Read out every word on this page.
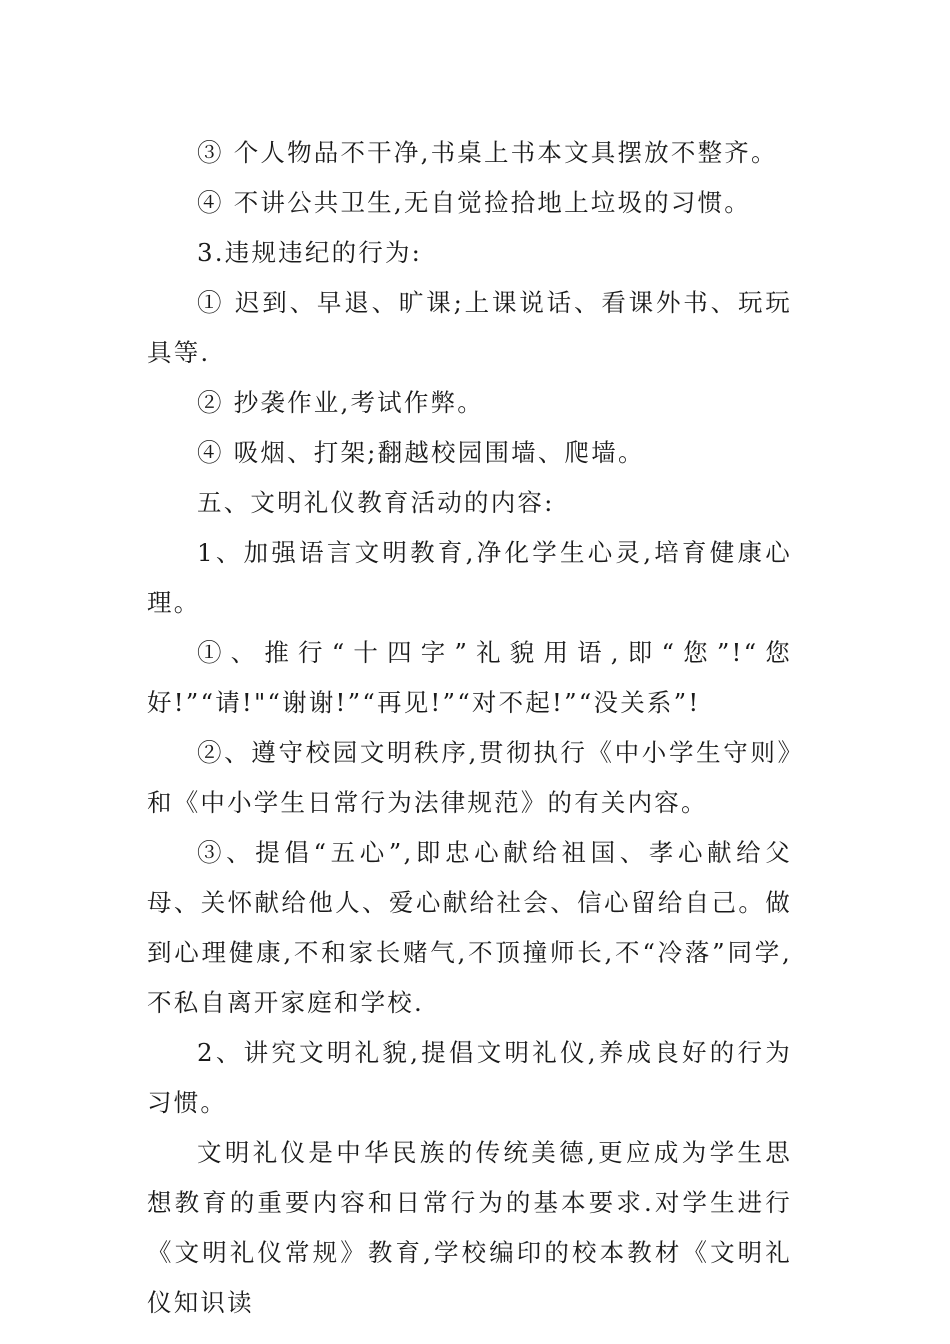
③ 个人物品不干净,书桌上书本文具摆放不整齐。

④ 不讲公共卫生,无自觉捡拾地上垃圾的习惯。

3.违规违纪的行为:

① 迟到、早退、旷课;上课说话、看课外书、玩玩具等.

② 抄袭作业,考试作弊。

④ 吸烟、打架;翻越校园围墙、爬墙。

五、文明礼仪教育活动的内容:

1、加强语言文明教育,净化学生心灵,培育健康心理。

①、推行“十四字”礼貌用语,即“您”!“您好!”“请!"“谢谢!”“再见!”“对不起!”“没关系”!

②、遵守校园文明秩序,贯彻执行《中小学生守则》和《中小学生日常行为法律规范》的有关内容。

③、提倡“五心”,即忠心献给祖国、孝心献给父母、关怀献给他人、爱心献给社会、信心留给自己。做到心理健康,不和家长赌气,不顶撞师长,不“冷落”同学,不私自离开家庭和学校.

2、讲究文明礼貌,提倡文明礼仪,养成良好的行为习惯。

文明礼仪是中华民族的传统美德,更应成为学生思想教育的重要内容和日常行为的基本要求.对学生进行《文明礼仪常规》教育,学校编印的校本教材《文明礼仪知识读
